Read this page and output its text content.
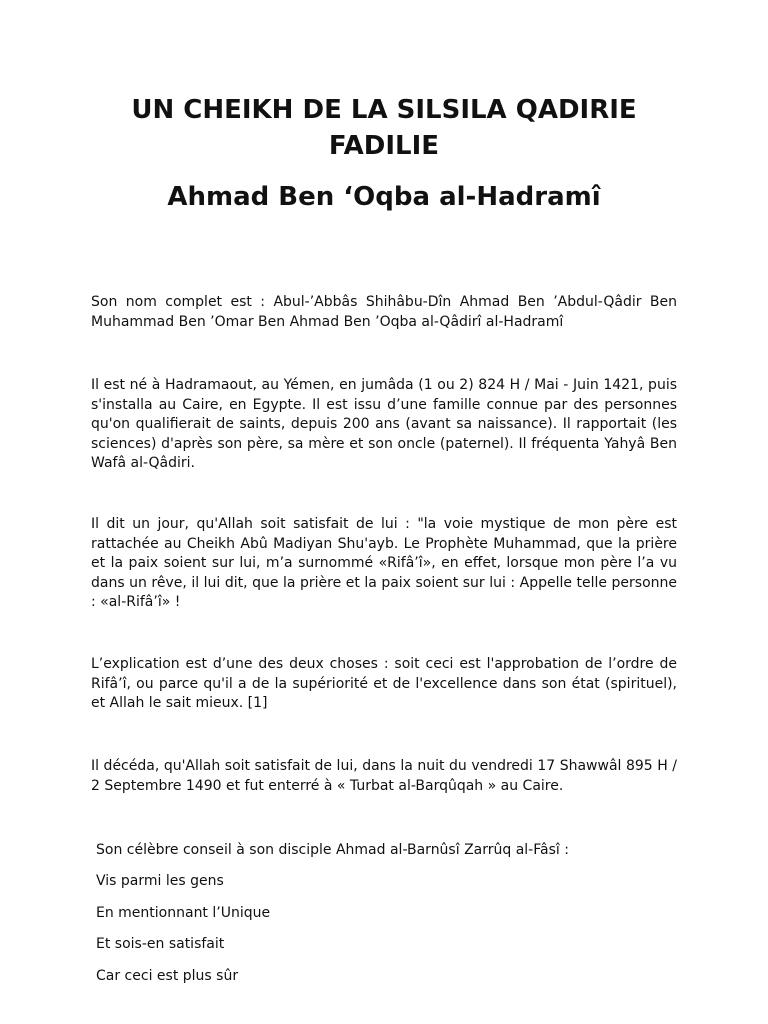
UN CHEIKH DE LA SILSILA QADIRIE FADILIE
Ahmad Ben ‘Oqba al-Hadramî

Son nom complet est : Abul-’Abbâs Shihâbu-Dîn Ahmad Ben ’Abdul-Qâdir Ben Muhammad Ben ’Omar Ben Ahmad Ben ’Oqba al-Qâdirî al-Hadramî

Il est né à Hadramaout, au Yémen, en jumâda (1 ou 2) 824 H / Mai - Juin 1421, puis s'installa au Caire, en Egypte. Il est issu d’une famille connue par des personnes qu'on qualifierait de saints, depuis 200 ans (avant sa naissance). Il rapportait (les sciences) d'après son père, sa mère et son oncle (paternel). Il fréquenta Yahyâ Ben Wafâ al-Qâdiri.

Il dit un jour, qu'Allah soit satisfait de lui : "la voie mystique de mon père est rattachée au Cheikh Abû Madiyan Shu'ayb. Le Prophète Muhammad, que la prière et la paix soient sur lui, m’a surnommé «Rifâ’î», en effet, lorsque mon père l’a vu dans un rêve, il lui dit, que la prière et la paix soient sur lui : Appelle telle personne : «al-Rifâ’î» !

L’explication est d’une des deux choses : soit ceci est l'approbation de l’ordre de Rifâ’î, ou parce qu'il a de la supériorité et de l'excellence dans son état (spirituel), et Allah le sait mieux. [1]

Il décéda, qu'Allah soit satisfait de lui, dans la nuit du vendredi 17 Shawwâl 895 H / 2 Septembre 1490 et fut enterré à « Turbat al-Barqûqah » au Caire.

Son célèbre conseil à son disciple Ahmad al-Barnûsî Zarrûq al-Fâsî :

Vis parmi les gens

En mentionnant l’Unique

Et sois-en satisfait

Car ceci est plus sûr
